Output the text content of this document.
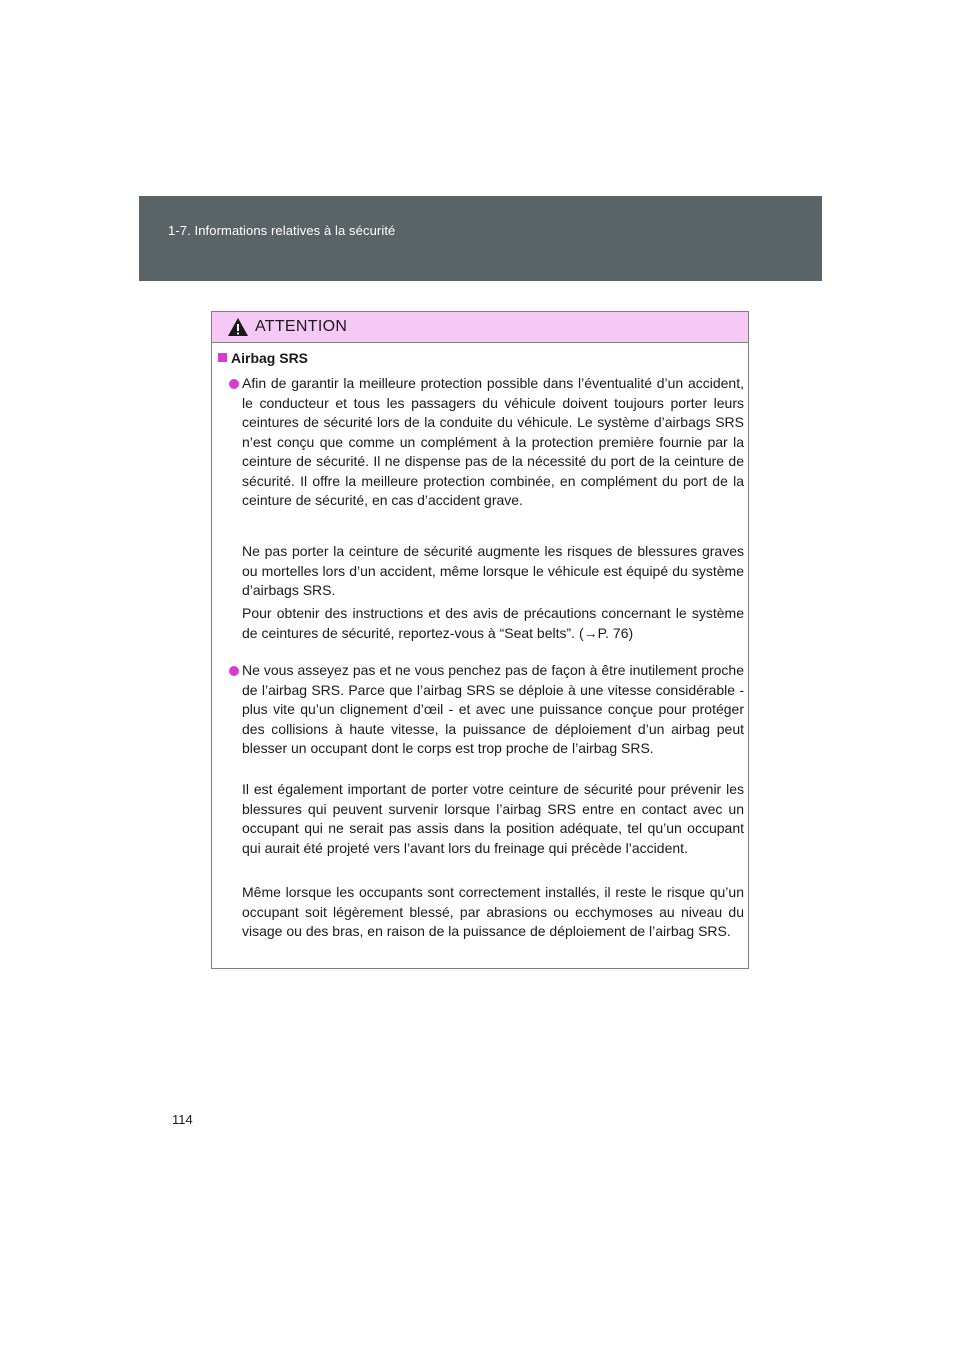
1-7. Informations relatives à la sécurité
ATTENTION
Airbag SRS

Afin de garantir la meilleure protection possible dans l’éventualité d’un accident, le conducteur et tous les passagers du véhicule doivent toujours porter leurs ceintures de sécurité lors de la conduite du véhicule. Le système d’airbags SRS n’est conçu que comme un complément à la protection première fournie par la ceinture de sécurité. Il ne dispense pas de la nécessité du port de la ceinture de sécurité. Il offre la meilleure protection combinée, en complément du port de la ceinture de sécurité, en cas d’accident grave.

Ne pas porter la ceinture de sécurité augmente les risques de blessures graves ou mortelles lors d’un accident, même lorsque le véhicule est équipé du système d’airbags SRS.

Pour obtenir des instructions et des avis de précautions concernant le système de ceintures de sécurité, reportez-vous à “Seat belts”. (→P. 76)

Ne vous asseyez pas et ne vous penchez pas de façon à être inutilement proche de l’airbag SRS. Parce que l’airbag SRS se déploie à une vitesse considérable - plus vite qu’un clignement d’œil - et avec une puissance conçue pour protéger des collisions à haute vitesse, la puissance de déploiement d’un airbag peut blesser un occupant dont le corps est trop proche de l’airbag SRS.

Il est également important de porter votre ceinture de sécurité pour prévenir les blessures qui peuvent survenir lorsque l’airbag SRS entre en contact avec un occupant qui ne serait pas assis dans la position adéquate, tel qu’un occupant qui aurait été projeté vers l’avant lors du freinage qui précède l’accident.

Même lorsque les occupants sont correctement installés, il reste le risque qu’un occupant soit légèrement blessé, par abrasions ou ecchymoses au niveau du visage ou des bras, en raison de la puissance de déploiement de l’airbag SRS.

114
